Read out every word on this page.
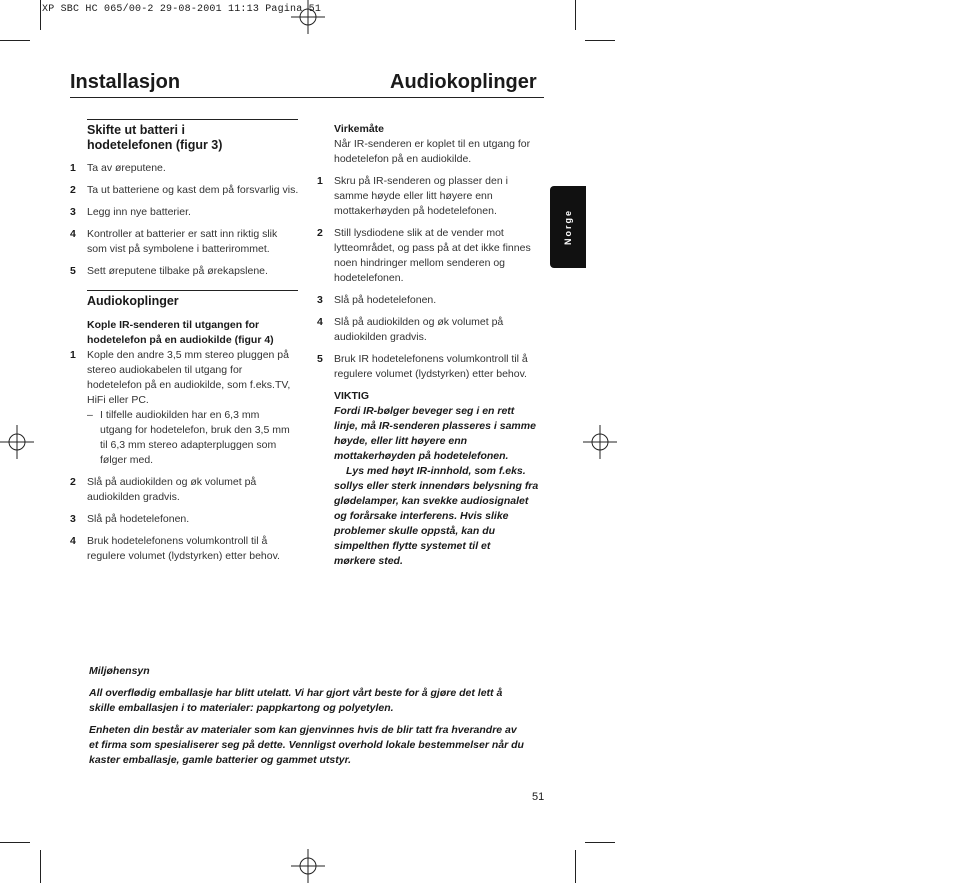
XP SBC HC 065/00-2 29-08-2001 11:13 Pagina 51
Installasjon	Audiokoplinger
Norge
Skifte ut batteri i
hodetelefonen (figur 3)
1 Ta av øreputene.
2 Ta ut batteriene og kast dem på forsvarlig vis.
3 Legg inn nye batterier.
4 Kontroller at batterier er satt inn riktig slik
som vist på symbolene i batterirommet.
5 Sett øreputene tilbake på ørekapslene.
Audiokoplinger
Kople IR-senderen til utgangen for
hodetelefon på en audiokilde (figur 4)
1 Kople den andre 3,5 mm stereo pluggen på
stereo audiokabelen til utgang for
hodetelefon på en audiokilde, som f.eks.TV,
HiFi eller PC.
– I tilfelle audiokilden har en 6,3 mm
utgang for hodetelefon, bruk den 3,5 mm
til 6,3 mm stereo adapterpluggen som
følger med.
2 Slå på audiokilden og øk volumet på
audiokilden gradvis.
3 Slå på hodetelefonen.
4 Bruk hodetelefonens volumkontroll til å
regulere volumet (lydstyrken) etter behov.
Virkemåte
Når IR-senderen er koplet til en utgang for
hodetelefon på en audiokilde.
1 Skru på IR-senderen og plasser den i
samme høyde eller litt høyere enn
mottakerhøyden på hodetelefonen.
2 Still lysdiodene slik at de vender mot
lytteområdet, og pass på at det ikke finnes
noen hindringer mellom senderen og
hodetelefonen.
3 Slå på hodetelefonen.
4 Slå på audiokilden og øk volumet på
audiokilden gradvis.
5 Bruk IR hodetelefonens volumkontroll til å
regulere volumet (lydstyrken) etter behov.
VIKTIG
Fordi IR-bølger beveger seg i en rett
linje, må IR-senderen plasseres i samme
høyde, eller litt høyere enn
mottakerhøyden på hodetelefonen.
Lys med høyt IR-innhold, som f.eks.
sollys eller sterk innendørs belysning fra
glødelamper, kan svekke audiosignalet
og forårsake interferens. Hvis slike
problemer skulle oppstå, kan du
simpelthen flytte systemet til et
mørkere sted.
Miljøhensyn
All overflødig emballasje har blitt utelatt. Vi har gjort vårt beste for å gjøre det lett å
skille emballasjen i to materialer: pappkartong og polyetylen.
Enheten din består av materialer som kan gjenvinnes hvis de blir tatt fra hverandre av
et firma som spesialiserer seg på dette. Vennligst overhold lokale bestemmelser når du
kaster emballasje, gamle batterier og gammet utstyr.
51
